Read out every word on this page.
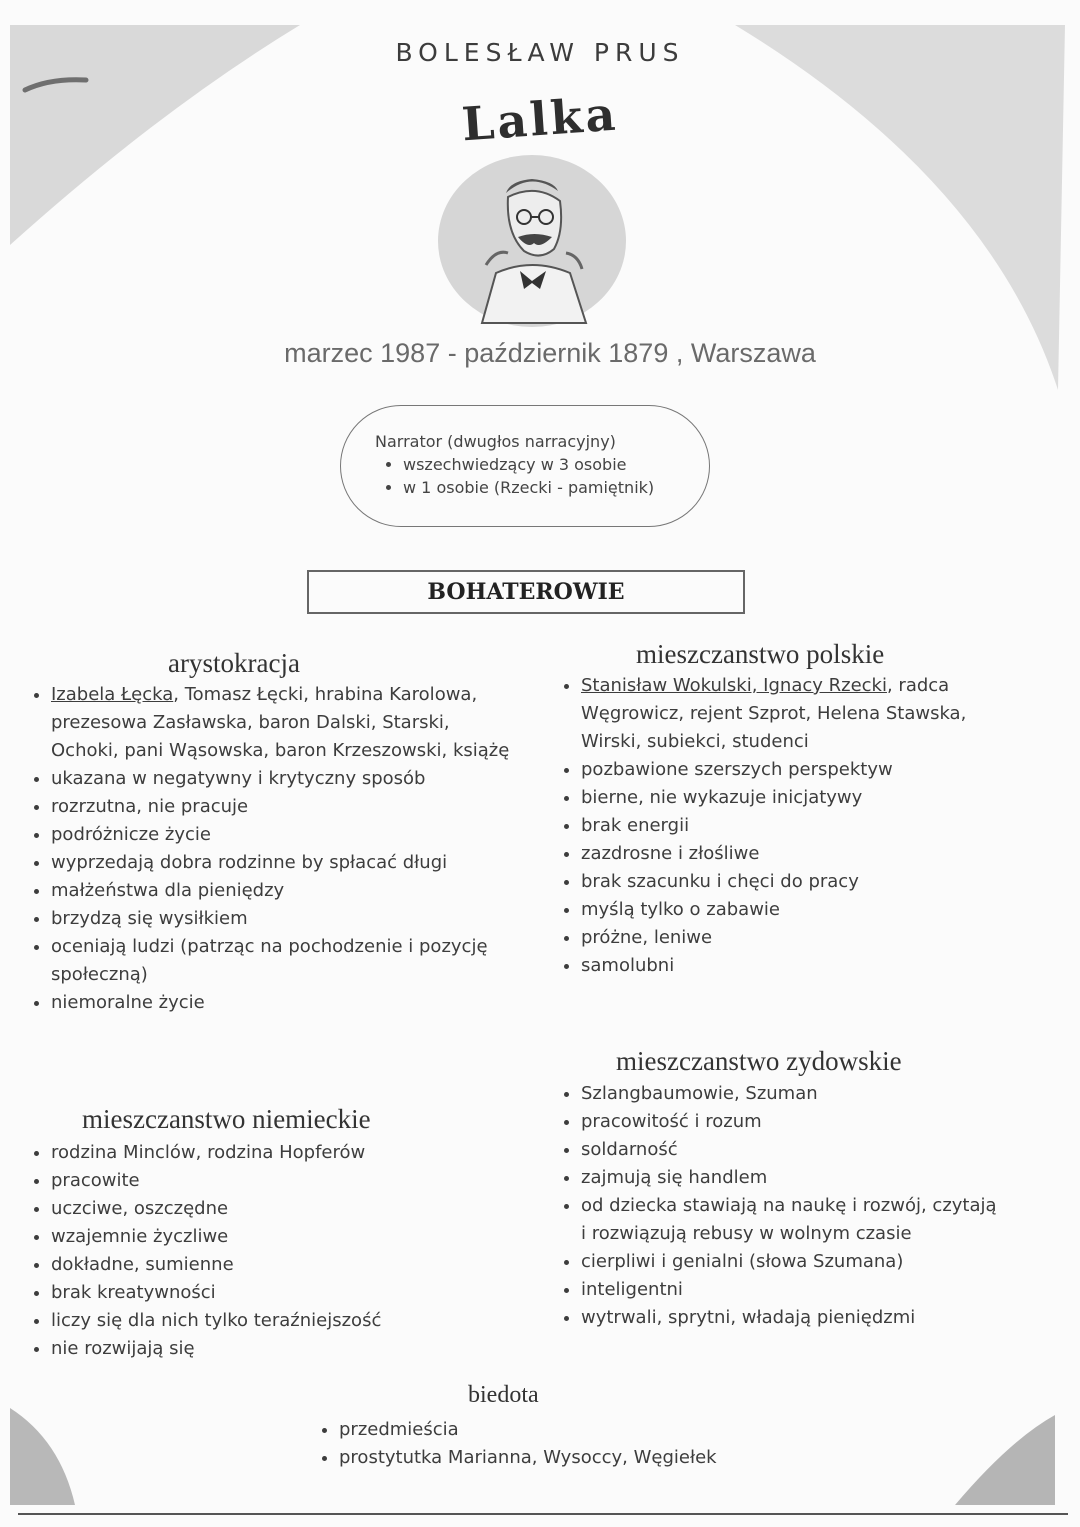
BOLESŁAW PRUS
Lalka
marzec 1987 - październik 1879 , Warszawa
Narrator (dwugłos narracyjny)
• wszechwiedzący w 3 osobie
• w 1 osobie (Rzecki - pamiętnik)
BOHATEROWIE
arystokracja
• Izabela Łęcka, Tomasz Łęcki, hrabina Karolowa, prezesowa Zasławska, baron Dalski, Starski, Ochoki, pani Wąsowska, baron Krzeszowski, książę
• ukazana w negatywny i krytyczny sposób
• rozrzutna, nie pracuje
• podróżnicze życie
• wyprzedają dobra rodzinne by spłacać długi
• małżeństwa dla pieniędzy
• brzydzą się wysiłkiem
• oceniają ludzi (patrząc na pochodzenie i pozycję społeczną)
• niemoralne życie
mieszczanstwo polskie
• Stanisław Wokulski, Ignacy Rzecki, radca Węgrowicz, rejent Szprot, Helena Stawska, Wirski, subiekci, studenci
• pozbawione szerszych perspektyw
• bierne, nie wykazuje inicjatywy
• brak energii
• zazdrosne i złośliwe
• brak szacunku i chęci do pracy
• myślą tylko o zabawie
• próżne, leniwe
• samolubni
mieszczanstwo niemieckie
• rodzina Minclów, rodzina Hopferów
• pracowite
• uczciwe, oszczędne
• wzajemnie życzliwe
• dokładne, sumienne
• brak kreatywności
• liczy się dla nich tylko teraźniejszość
• nie rozwijają się
mieszczanstwo zydowskie
• Szlangbaumowie, Szuman
• pracowitość i rozum
• soldarność
• zajmują się handlem
• od dziecka stawiają na naukę i rozwój, czytają i rozwiązują rebusy w wolnym czasie
• cierpliwi i genialni (słowa Szumana)
• inteligentni
• wytrwali, sprytni, władają pieniędzmi
biedota
• przedmieścia
• prostytutka Marianna, Wysoccy, Węgiełek
